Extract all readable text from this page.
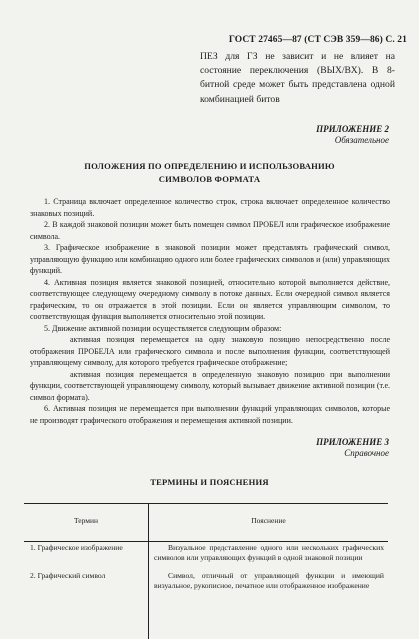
ГОСТ 27465—87 (СТ СЭВ 359—86) С. 21
ПЕЗ для ГЗ не зависит и не влияет на состояние переключения (ВЫХ/ВХ). В 8-битной среде может быть представлена одной комбинацией битов
ПРИЛОЖЕНИЕ 2
Обязательное
ПОЛОЖЕНИЯ ПО ОПРЕДЕЛЕНИЮ И ИСПОЛЬЗОВАНИЮ
СИМВОЛОВ ФОРМАТА

1. Страница включает определенное количество строк, строка включает определенное количество знаковых позиций.

2. В каждой знаковой позиции может быть помещен символ ПРОБЕЛ или графическое изображение символа.

3. Графическое изображение в знаковой позиции может представлять графический символ, управляющую функцию или комбинацию одного или более графических символов и (или) управляющих функций.

4. Активная позиция является знаковой позицией, относительно которой выполняется действие, соответствующее следующему очередному символу в потоке данных. Если очередной символ является графическим, то он отражается в этой позиции. Если он является управляющим символом, то соответствующая функция выполняется относительно этой позиции.

5. Движение активной позиции осуществляется следующим образом:

активная позиция перемещается на одну знаковую позицию непосредственно после отображения ПРОБЕЛА или графического символа и после выполнения функции, соответствующей управляющему символу, для которого требуется графическое отображение;

активная позиция перемещается в определенную знаковую позицию при выполнении функции, соответствующей управляющему символу, который вызывает движение активной позиции (т.е. символ формата).

6. Активная позиция не перемещается при выполнении функций управляющих символов, которые не производят графического отображения и перемещения активной позиции.

ПРИЛОЖЕНИЕ 3
Справочное
ТЕРМИНЫ И ПОЯСНЕНИЯ
Термин	Пояснение
1. Графическое изображение	Визуальное представление одного или нескольких графических символов или управляющих функций в одной знаковой позиции
2. Графический символ	Символ, отличный от управляющей функции и имеющий визуальное, рукописное, печатное или отображенное изображение
